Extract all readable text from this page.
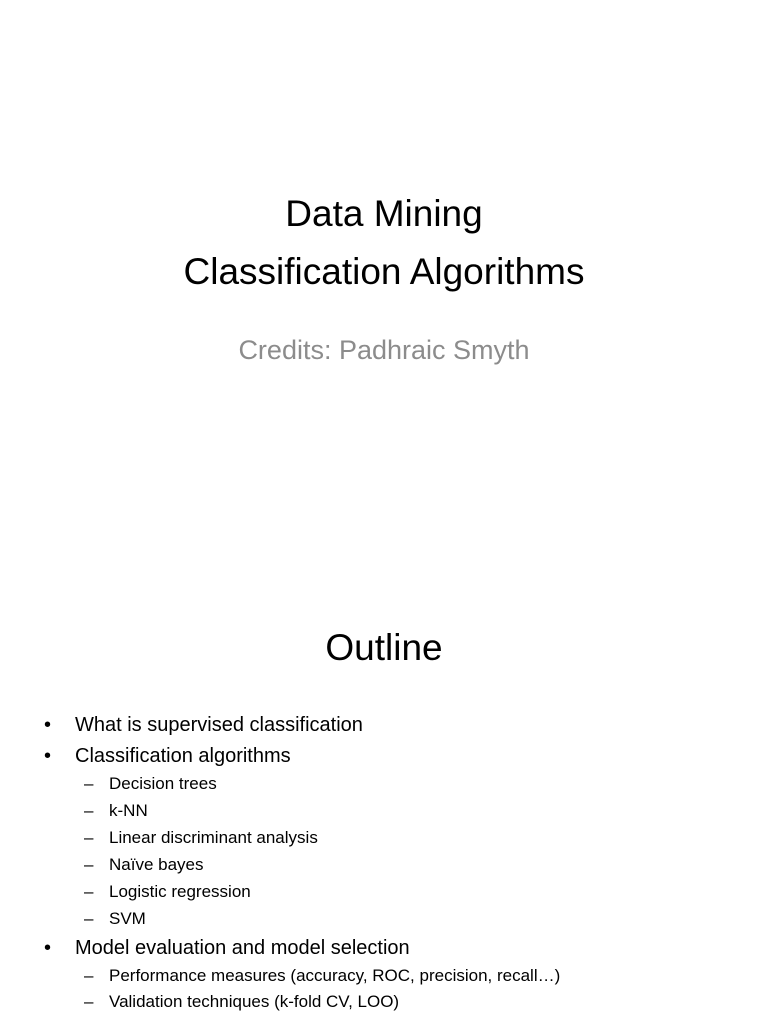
Data Mining
Classification Algorithms
Credits: Padhraic Smyth
Outline
• What is supervised classification
• Classification algorithms
– Decision trees
– k-NN
– Linear discriminant analysis
– Naïve bayes
– Logistic regression
– SVM
• Model evaluation and model selection
– Performance measures (accuracy, ROC, precision, recall…)
– Validation techniques (k-fold CV, LOO)
